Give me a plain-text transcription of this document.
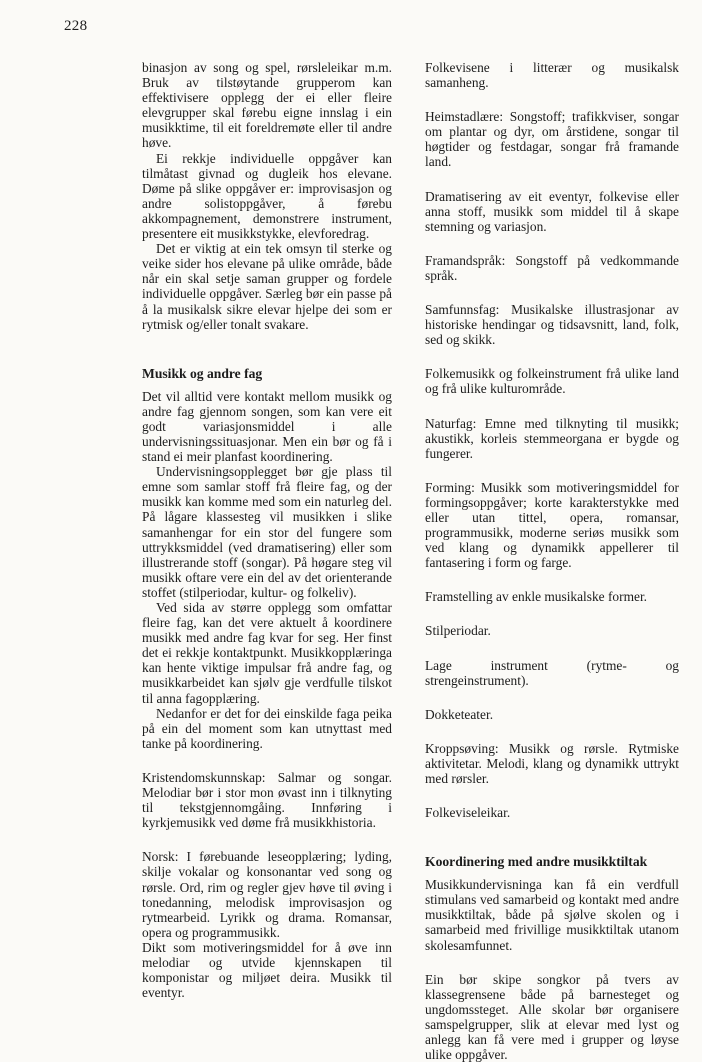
228

binasjon av song og spel, rørsleleikar m.m. Bruk av tilstøytande grupperom kan effektivisere opplegg der ei eller fleire elevgrupper skal førebu eigne innslag i ein musikktime, til eit foreldremøte eller til andre høve.

Ei rekkje individuelle oppgåver kan tilmåtast givnad og dugleik hos elevane. Døme på slike oppgåver er: improvisasjon og andre solistoppgåver, å førebu akkompagnement, demonstrere instrument, presentere eit musikkstykke, elevforedrag.

Det er viktig at ein tek omsyn til sterke og veike sider hos elevane på ulike område, både når ein skal setje saman grupper og fordele individuelle oppgåver. Særleg bør ein passe på å la musikalsk sikre elevar hjelpe dei som er rytmisk og/eller tonalt svakare.

Musikk og andre fag

Det vil alltid vere kontakt mellom musikk og andre fag gjennom songen, som kan vere eit godt variasjonsmiddel i alle undervisningssituasjonar. Men ein bør og få i stand ei meir planfast koordinering.

Undervisningsopplegget bør gje plass til emne som samlar stoff frå fleire fag, og der musikk kan komme med som ein naturleg del. På lågare klassesteg vil musikken i slike samanhengar for ein stor del fungere som uttrykksmiddel (ved dramatisering) eller som illustrerande stoff (songar). På høgare steg vil musikk oftare vere ein del av det orienterande stoffet (stilperiodar, kultur- og folkeliv).

Ved sida av større opplegg som omfattar fleire fag, kan det vere aktuelt å koordinere musikk med andre fag kvar for seg. Her finst det ei rekkje kontaktpunkt. Musikkopplæringa kan hente viktige impulsar frå andre fag, og musikkarbeidet kan sjølv gje verdfulle tilskot til anna fagopplæring.

Nedanfor er det for dei einskilde faga peika på ein del moment som kan utnyttast med tanke på koordinering.

Kristendomskunnskap: Salmar og songar. Melodiar bør i stor mon øvast inn i tilknyting til tekstgjennomgåing. Innføring i kyrkjemusikk ved døme frå musikkhistoria.

Norsk: I førebuande leseopplæring; lyding, skilje vokalar og konsonantar ved song og rørsle. Ord, rim og regler gjev høve til øving i tonedanning, melodisk improvisasjon og rytmearbeid. Lyrikk og drama. Romansar, opera og programmusikk.

Dikt som motiveringsmiddel for å øve inn melodiar og utvide kjennskapen til komponistar og miljøet deira. Musikk til eventyr.

Folkevisene i litterær og musikalsk samanheng.

Heimstadlære: Songstoff; trafikkviser, songar om plantar og dyr, om årstidene, songar til høgtider og festdagar, songar frå framande land.

Dramatisering av eit eventyr, folkevise eller anna stoff, musikk som middel til å skape stemning og variasjon.

Framandspråk: Songstoff på vedkommande språk.

Samfunnsfag: Musikalske illustrasjonar av historiske hendingar og tidsavsnitt, land, folk, sed og skikk.

Folkemusikk og folkeinstrument frå ulike land og frå ulike kulturområde.

Naturfag: Emne med tilknyting til musikk; akustikk, korleis stemmeorgana er bygde og fungerer.

Forming: Musikk som motiveringsmiddel for formingsoppgåver; korte karakterstykke med eller utan tittel, opera, romansar, programmusikk, moderne seriøs musikk som ved klang og dynamikk appellerer til fantasering i form og farge.

Framstelling av enkle musikalske former.

Stilperiodar.

Lage instrument (rytme- og strengeinstrument).

Dokketeater.

Kroppsøving: Musikk og rørsle. Rytmiske aktivitetar. Melodi, klang og dynamikk uttrykt med rørsler.

Folkeviseleikar.

Koordinering med andre musikktiltak

Musikkundervisninga kan få ein verdfull stimulans ved samarbeid og kontakt med andre musikktiltak, både på sjølve skolen og i samarbeid med frivillige musikktiltak utanom skolesamfunnet.

Ein bør skipe songkor på tvers av klassegrensene både på barnesteget og ungdomssteget. Alle skolar bør organisere samspelgrupper, slik at elevar med lyst og anlegg kan få vere med i grupper og løyse ulike oppgåver.
